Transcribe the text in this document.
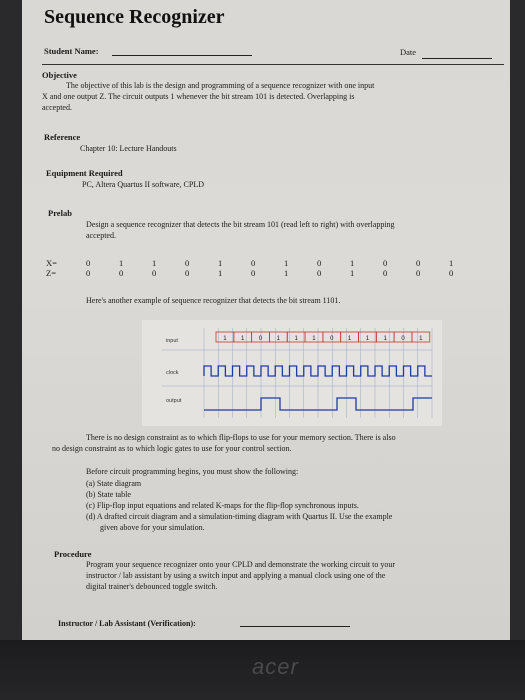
Sequence Recognizer
Student Name:	Date
Objective
The objective of this lab is the design and programming of a sequence recognizer with one input
X and one output Z. The circuit outputs 1 whenever the bit stream 101 is detected. Overlapping is
accepted.
Reference
Chapter 10: Lecture Handouts
Equipment Required
PC, Altera Quartus II software, CPLD
Prelab
Design a sequence recognizer that detects the bit stream 101 (read left to right) with overlapping
accepted.
X=	0	1	1	0	1	0	1	0	1	0	0	1
Z=	0	0	0	0	1	0	1	0	1	0	0	0
Here's another example of sequence recognizer that detects the bit stream 1101.
input
clock
output
1 1 0 1 1 1 0 1 1 1 0 1
There is no design constraint as to which flip-flops to use for your memory section. There is also
no design constraint as to which logic gates to use for your control section.
Before circuit programming begins, you must show the following:
(a) State diagram
(b) State table
(c) Flip-flop input equations and related K-maps for the flip-flop synchronous inputs.
(d) A drafted circuit diagram and a simulation-timing diagram with Quartus II. Use the example
given above for your simulation.
Procedure
Program your sequence recognizer onto your CPLD and demonstrate the working circuit to your
instructor / lab assistant by using a switch input and applying a manual clock using one of the
digital trainer's debounced toggle switch.
Instructor / Lab Assistant (Verification):
acer
